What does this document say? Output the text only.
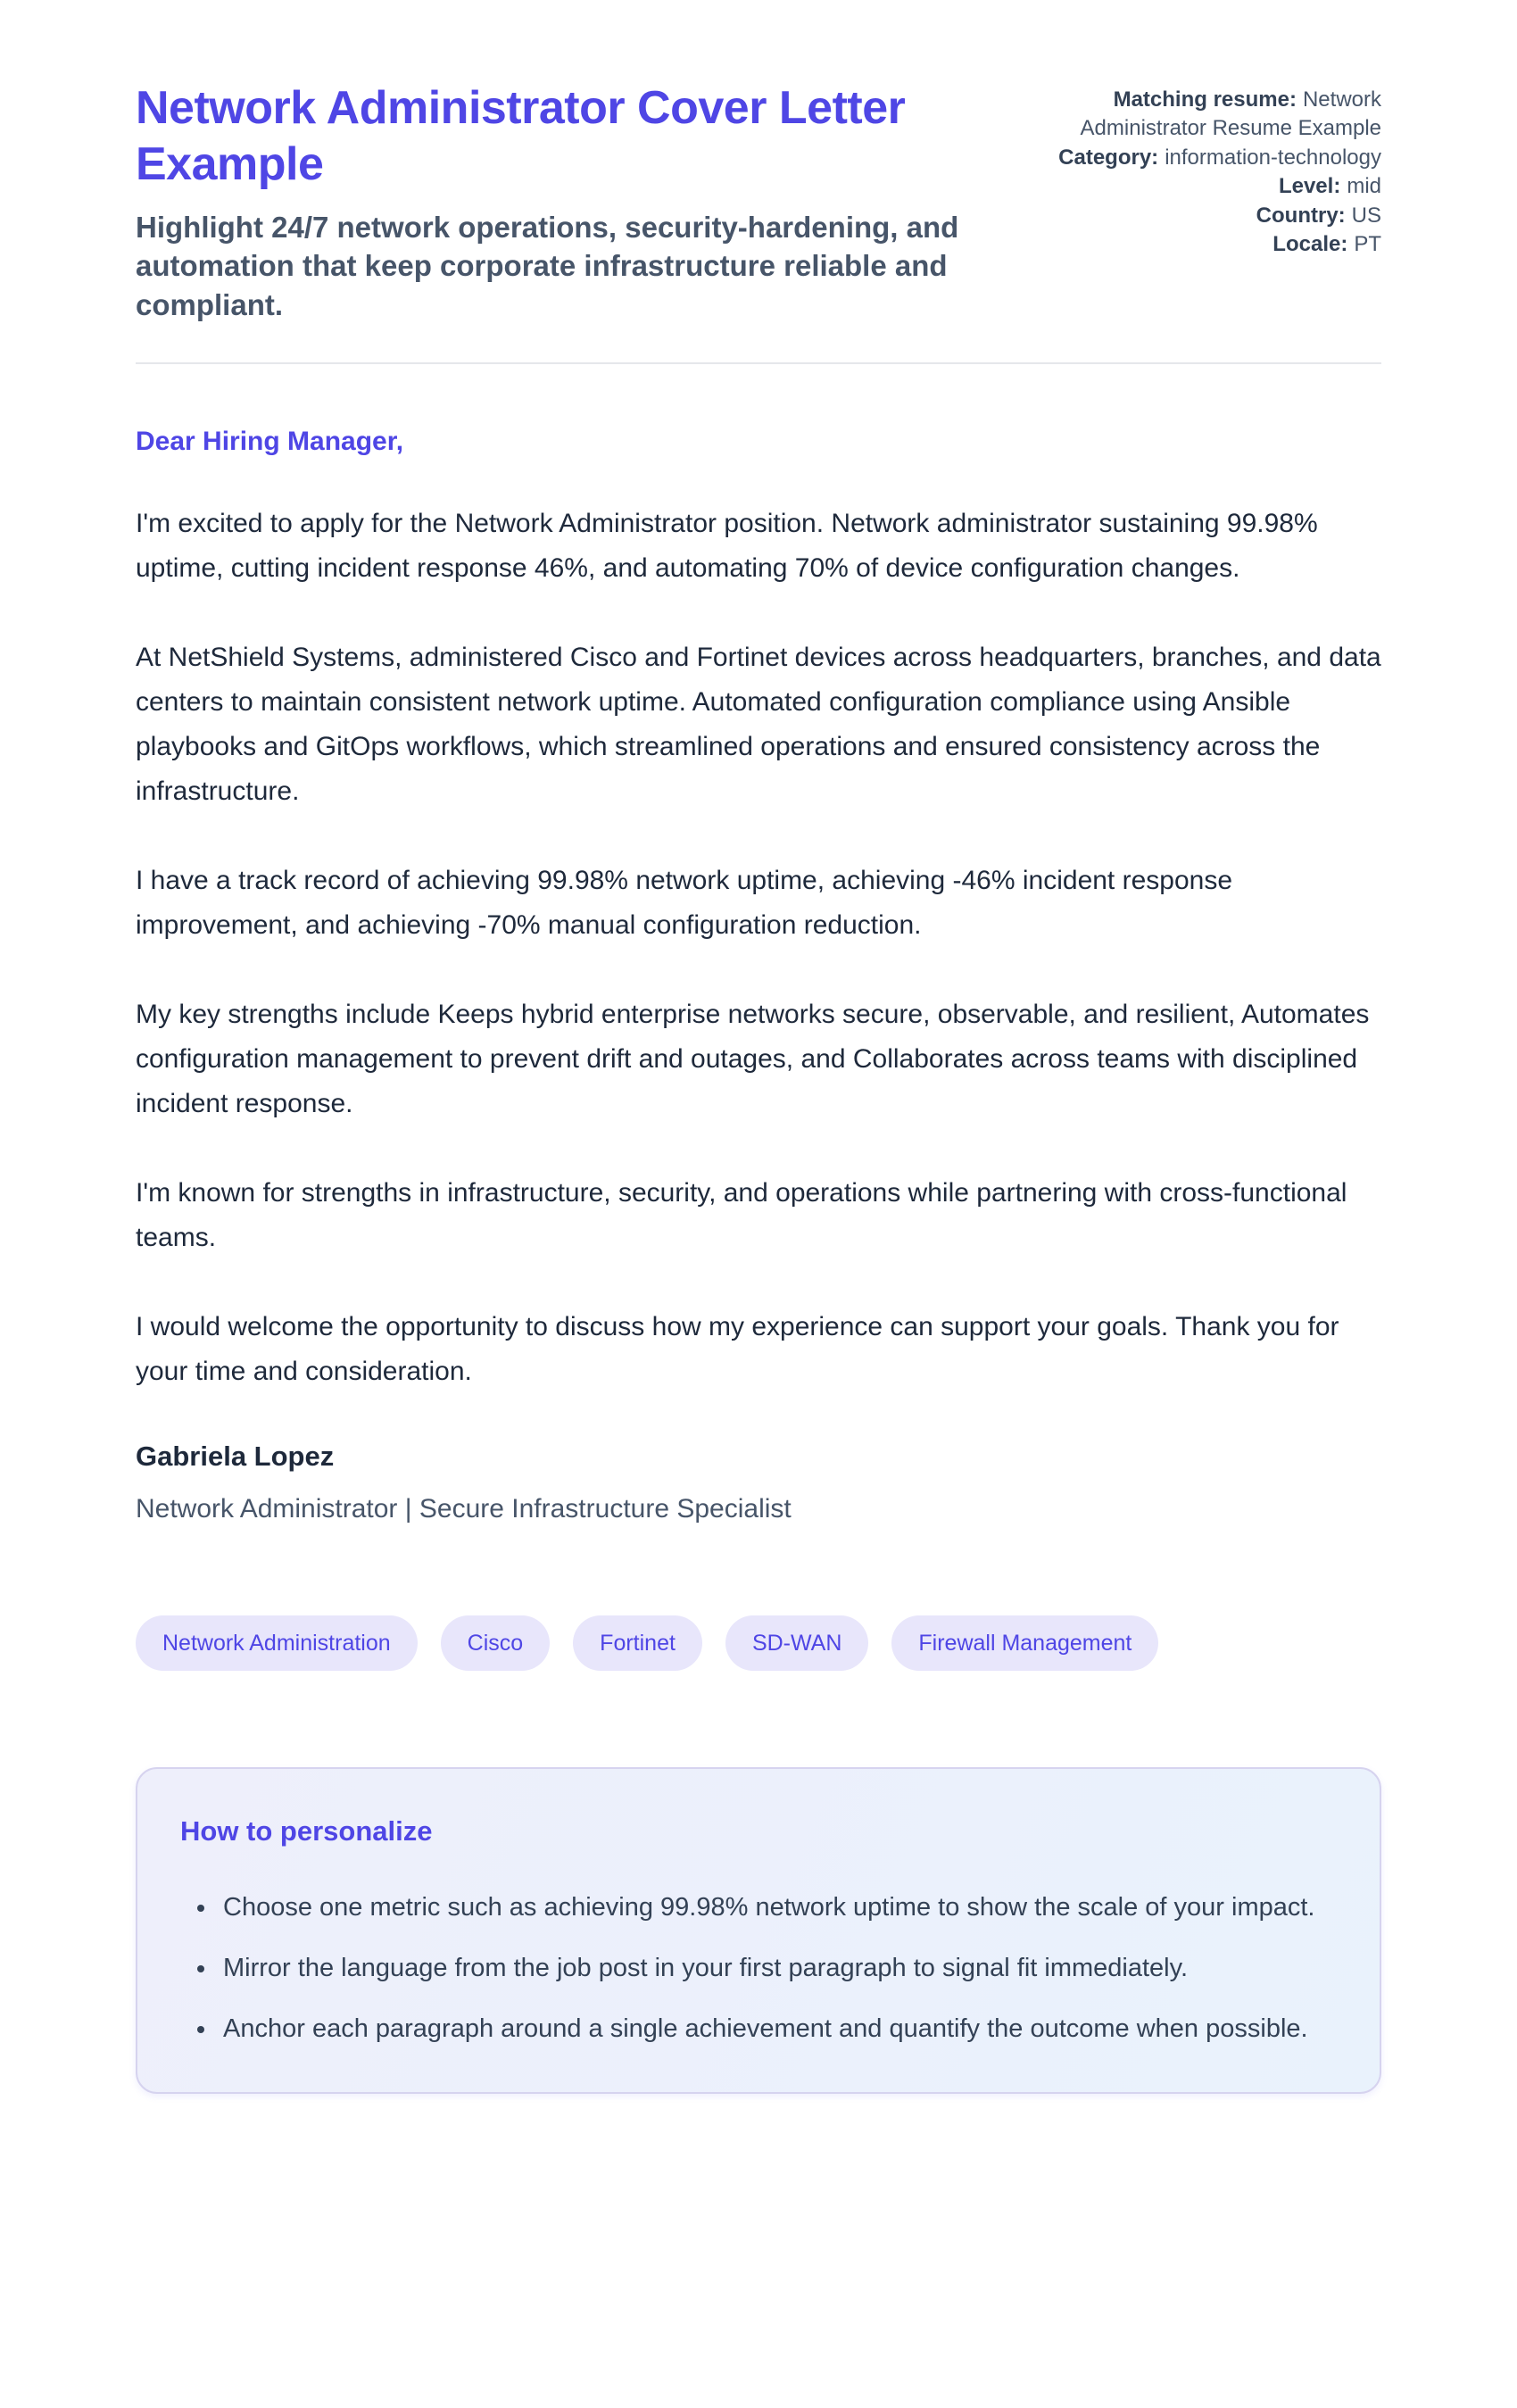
Network Administrator Cover Letter Example

Highlight 24/7 network operations, security-hardening, and automation that keep corporate infrastructure reliable and compliant.

Matching resume: Network Administrator Resume Example
Category: information-technology
Level: mid
Country: US
Locale: PT

Dear Hiring Manager,

I'm excited to apply for the Network Administrator position. Network administrator sustaining 99.98% uptime, cutting incident response 46%, and automating 70% of device configuration changes.

At NetShield Systems, administered Cisco and Fortinet devices across headquarters, branches, and data centers to maintain consistent network uptime. Automated configuration compliance using Ansible playbooks and GitOps workflows, which streamlined operations and ensured consistency across the infrastructure.

I have a track record of achieving 99.98% network uptime, achieving -46% incident response improvement, and achieving -70% manual configuration reduction.

My key strengths include Keeps hybrid enterprise networks secure, observable, and resilient, Automates configuration management to prevent drift and outages, and Collaborates across teams with disciplined incident response.

I'm known for strengths in infrastructure, security, and operations while partnering with cross-functional teams.

I would welcome the opportunity to discuss how my experience can support your goals. Thank you for your time and consideration.

Gabriela Lopez

Network Administrator | Secure Infrastructure Specialist

Network Administration	Cisco	Fortinet	SD-WAN	Firewall Management
How to personalize
• Choose one metric such as achieving 99.98% network uptime to show the scale of your impact.
• Mirror the language from the job post in your first paragraph to signal fit immediately.
• Anchor each paragraph around a single achievement and quantify the outcome when possible.
